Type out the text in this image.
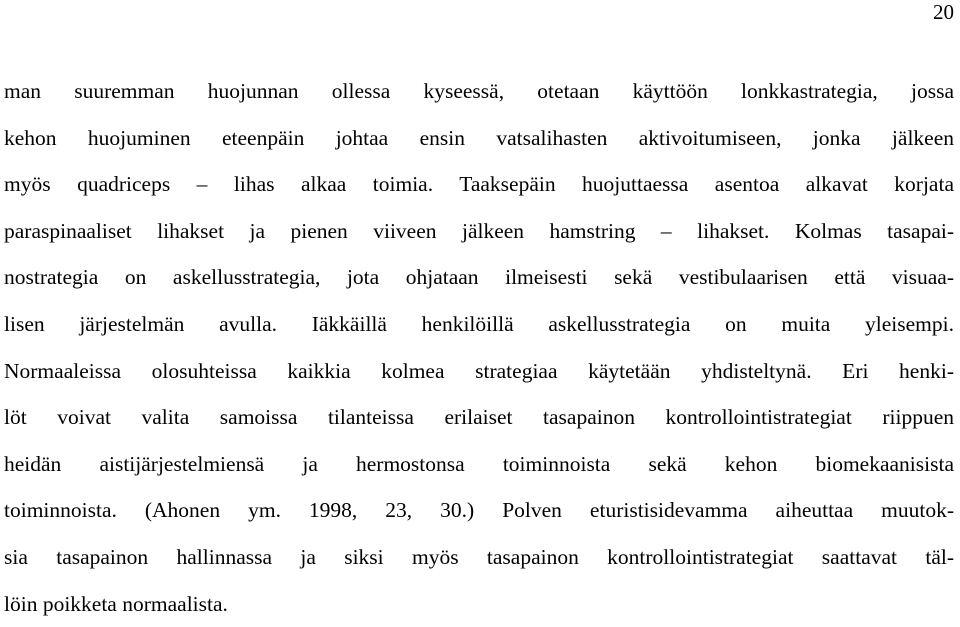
20
man suuremman huojunnan ollessa kyseessä, otetaan käyttöön lonkkastrategia, jossa
kehon huojuminen eteenpäin johtaa ensin vatsalihasten aktivoitumiseen, jonka jälkeen
myös quadriceps – lihas alkaa toimia. Taaksepäin huojuttaessa asentoa alkavat korjata
paraspinaaliset lihakset ja pienen viiveen jälkeen hamstring – lihakset. Kolmas tasapai-
nostrategia on askellusstrategia, jota ohjataan ilmeisesti sekä vestibulaarisen että visuaa-
lisen järjestelmän avulla. Iäkkäillä henkilöillä askellusstrategia on muita yleisempi.
Normaaleissa olosuhteissa kaikkia kolmea strategiaa käytetään yhdisteltynä. Eri henki-
löt voivat valita samoissa tilanteissa erilaiset tasapainon kontrollointistrategiat riippuen
heidän aistijärjestelmiensä ja hermostonsa toiminnoista sekä kehon biomekaanisista
toiminnoista. (Ahonen ym. 1998, 23, 30.) Polven eturistisidevamma aiheuttaa muutok-
sia tasapainon hallinnassa ja siksi myös tasapainon kontrollointistrategiat saattavat täl-
löin poikketa normaalista.
